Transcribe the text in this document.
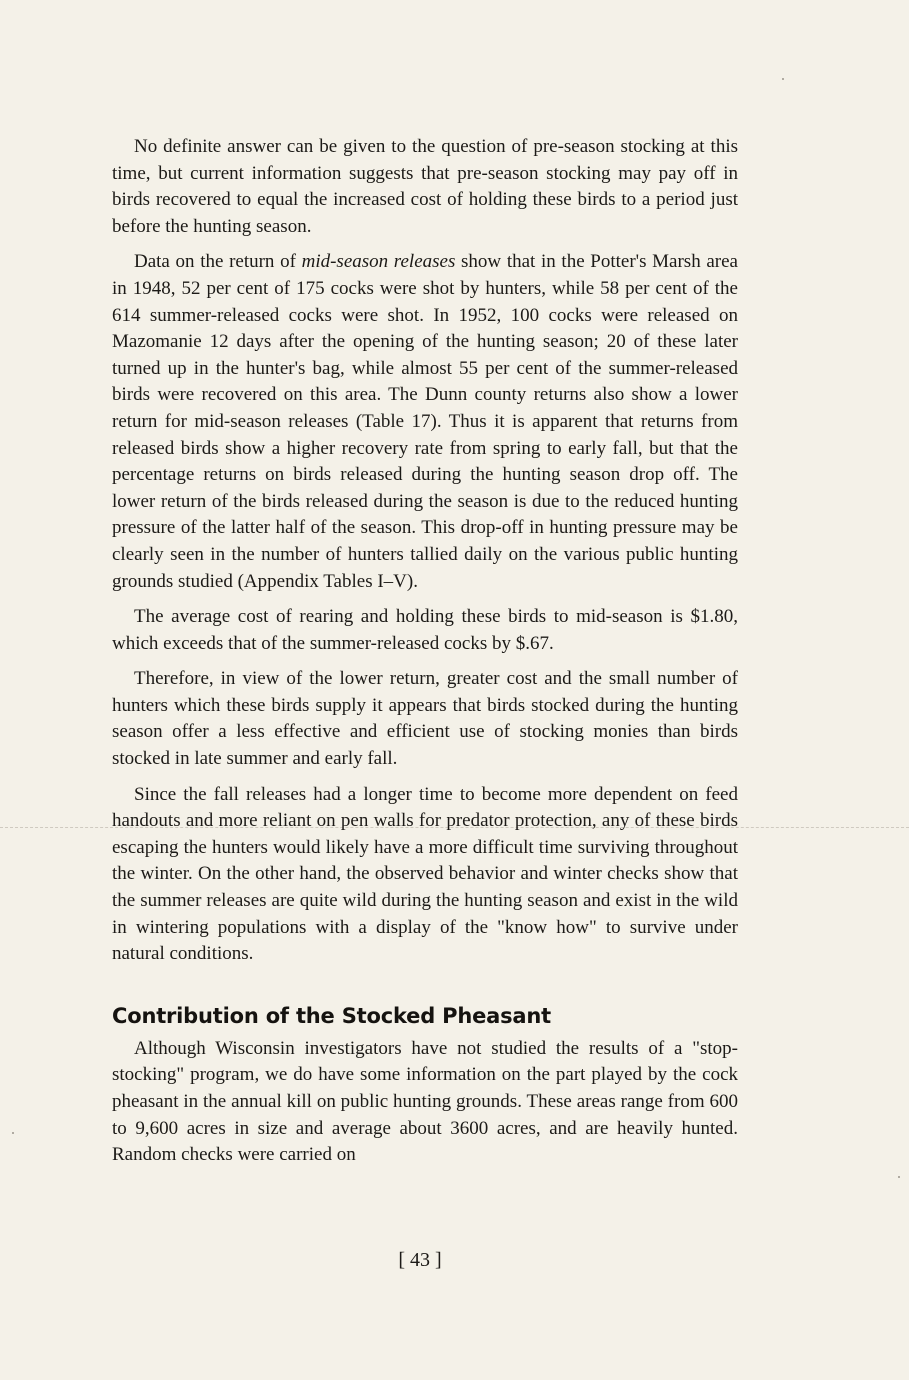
No definite answer can be given to the question of pre-season stocking at this time, but current information suggests that pre-season stocking may pay off in birds recovered to equal the increased cost of holding these birds to a period just before the hunting season.

Data on the return of mid-season releases show that in the Potter's Marsh area in 1948, 52 per cent of 175 cocks were shot by hunters, while 58 per cent of the 614 summer-released cocks were shot. In 1952, 100 cocks were released on Mazomanie 12 days after the opening of the hunting season; 20 of these later turned up in the hunter's bag, while almost 55 per cent of the summer-released birds were recovered on this area. The Dunn county returns also show a lower return for mid-season releases (Table 17). Thus it is apparent that returns from released birds show a higher recovery rate from spring to early fall, but that the percentage returns on birds released during the hunting season drop off. The lower return of the birds released during the season is due to the reduced hunting pressure of the latter half of the season. This drop-off in hunting pressure may be clearly seen in the number of hunters tallied daily on the various public hunting grounds studied (Appendix Tables I–V).

The average cost of rearing and holding these birds to mid-season is $1.80, which exceeds that of the summer-released cocks by $.67.

Therefore, in view of the lower return, greater cost and the small number of hunters which these birds supply it appears that birds stocked during the hunting season offer a less effective and efficient use of stocking monies than birds stocked in late summer and early fall.

Since the fall releases had a longer time to become more dependent on feed handouts and more reliant on pen walls for predator protection, any of these birds escaping the hunters would likely have a more difficult time surviving throughout the winter. On the other hand, the observed behavior and winter checks show that the summer releases are quite wild during the hunting season and exist in the wild in wintering populations with a display of the "know how" to survive under natural conditions.

Contribution of the Stocked Pheasant

Although Wisconsin investigators have not studied the results of a "stop-stocking" program, we do have some information on the part played by the cock pheasant in the annual kill on public hunting grounds. These areas range from 600 to 9,600 acres in size and average about 3600 acres, and are heavily hunted. Random checks were carried on

[ 43 ]
